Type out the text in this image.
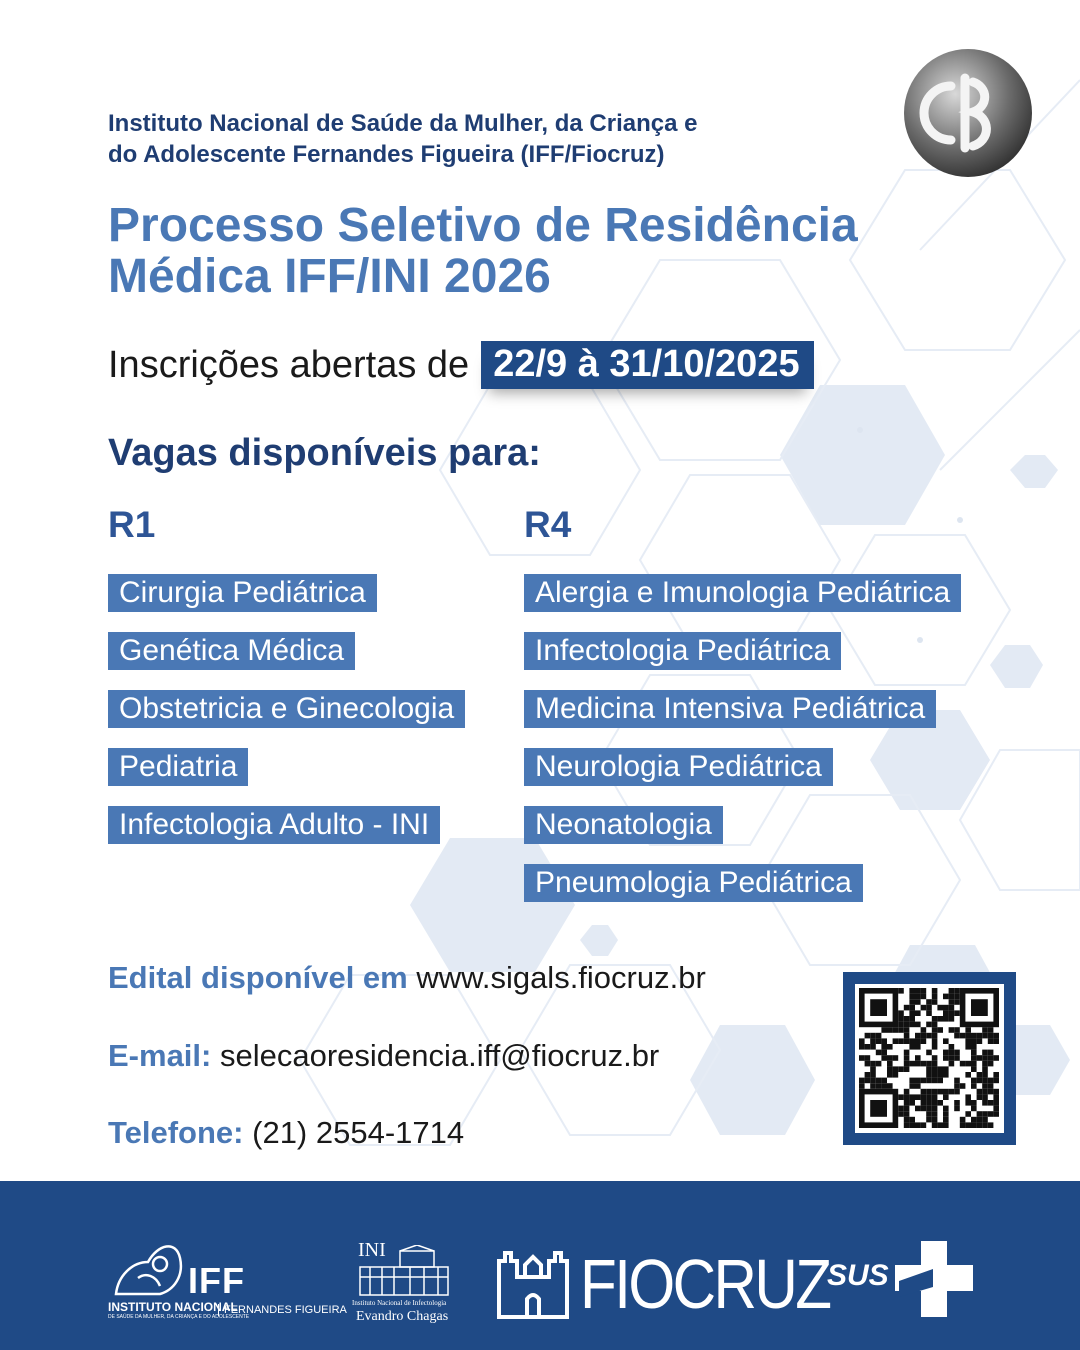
Instituto Nacional de Saúde da Mulher, da Criança e
do Adolescente Fernandes Figueira (IFF/Fiocruz)
Processo Seletivo de Residência
Médica IFF/INI 2026
Inscrições abertas de 22/9 à 31/10/2025
Vagas disponíveis para:
R1	R4
Cirurgia Pediátrica
Genética Médica
Obstetricia e Ginecologia
Pediatria
Infectologia Adulto - INI
Alergia e Imunologia Pediátrica
Infectologia Pediátrica
Medicina Intensiva Pediátrica
Neurologia Pediátrica
Neonatologia
Pneumologia Pediátrica
Edital disponível em www.sigals.fiocruz.br
E-mail: selecaoresidencia.iff@fiocruz.br
Telefone: (21) 2554-1714
IFF
INSTITUTO NACIONAL
DE SAÚDE DA MULHER, DA CRIANÇA E DO ADOLESCENTE
FERNANDES FIGUEIRA
INI
Instituto Nacional de Infectologia
Evandro Chagas FIOCRUZ
SUS
